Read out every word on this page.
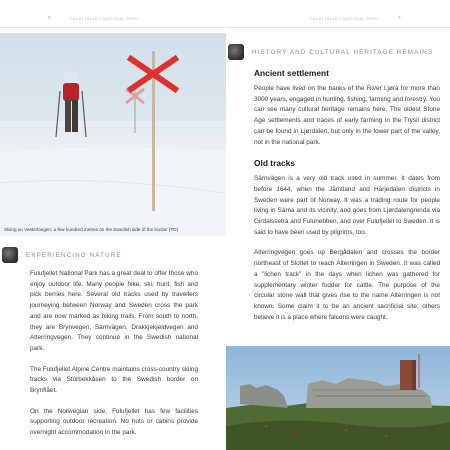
8	FULUFJELLET NATIONAL PARK	FULUFJELLET NATIONAL PARK	9
Skiing on Vesterlangen; a few hundred metres on the Swedish side of the border (TD)
EXPERIENCING NATURE

Fulufjellet National Park has a great deal to offer those who enjoy outdoor life. Many people hike, ski, hunt, fish and pick berries here. Several old tracks used by travellers journeying between Norway and Sweden cross the park and are now marked as hiking trails. From south to north, they are Brynvegen, Särnvägen, Drakkjekjeldvegen and Alterringvegen. They continue in the Swedish national park.

The Fulufjellet Alpine Centre maintains cross-country skiing tracks via Storbekkåsen to the Swedish border on Brynflået.

On the Norwegian side, Fulufjellet has few facilities supporting outdoor recreation. No huts or cabins provide overnight accommodation in the park.

HISTORY AND CULTURAL HERITAGE REMAINS
Ancient settlement

People have lived on the banks of the River Ljøra for more than 3000 years, engaged in hunting, fishing, farming and forestry. You can see many cultural heritage remains here. The oldest Stone Age settlements and traces of early farming in the Trysil district can be found in Ljørdalen, but only in the lower part of the valley, not in the national park.

Old tracks

Särnvägen is a very old track used in summer. It dates from before 1644, when the Jämtland and Härjedalen districts in Sweden were part of Norway. It was a trading route for people living in Särna and its vicinity, and goes from Ljørdalengrenda via Girdalssetra and Fulunebben, and over Fulufjellet to Sweden. It is said to have been used by pilgrims, too.

Alterringvegen goes up Bergådalen and crosses the border northeast of Slottet to reach Alterringen in Sweden. It was called a "lichen track" in the days when lichen was gathered for supplementary winter fodder for cattle. The purpose of the circular stone wall that gives rise to the name Alterringen is not known. Some claim it to be an ancient sacrificial site; others believe it is a place where falcons were caught.
